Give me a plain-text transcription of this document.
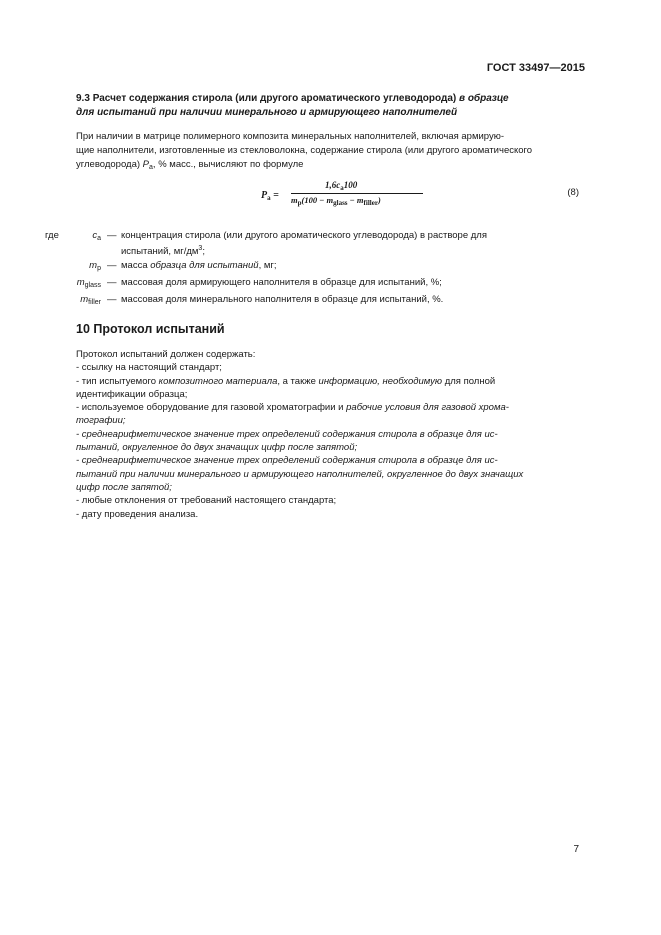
ГОСТ 33497—2015
9.3 Расчет содержания стирола (или другого ароматического углеводорода) в образце
для испытаний при наличии минерального и армирующего наполнителей
При наличии в матрице полимерного композита минеральных наполнителей, включая армирую-
щие наполнители, изготовленные из стекловолокна, содержание стирола (или другого ароматического
углеводорода) $P_a$, % масс., вычисляют по формуле
$P_a$ =
$1,6c_a100$
$m_p(100 - m_{glass} - m_{filler})$
(8)
где	$c_a$ — концентрация стирола (или другого ароматического углеводорода) в растворе для
испытаний, $мг/дм^3$;
$m_p$ — масса образца для испытаний, мг;
$m_{glass}$ — массовая доля армирующего наполнителя в образце для испытаний, %;
$m_{filler}$ — массовая доля минерального наполнителя в образце для испытаний, %.
10 Протокол испытаний
Протокол испытаний должен содержать:
- ссылку на настоящий стандарт;
- тип испытуемого композитного материала, а также информацию, необходимую для полной
идентификации образца;
- используемое оборудование для газовой хроматографии и рабочие условия для газовой хрома-
тографии;
- среднеарифметическое значение трех определений содержания стирола в образце для ис-
пытаний, округленное до двух значащих цифр после запятой;
- среднеарифметическое значение трех определений содержания стирола в образце для ис-
пытаний при наличии минерального и армирующего наполнителей, округленное до двух значащих
цифр после запятой;
- любые отклонения от требований настоящего стандарта;
- дату проведения анализа.
7
